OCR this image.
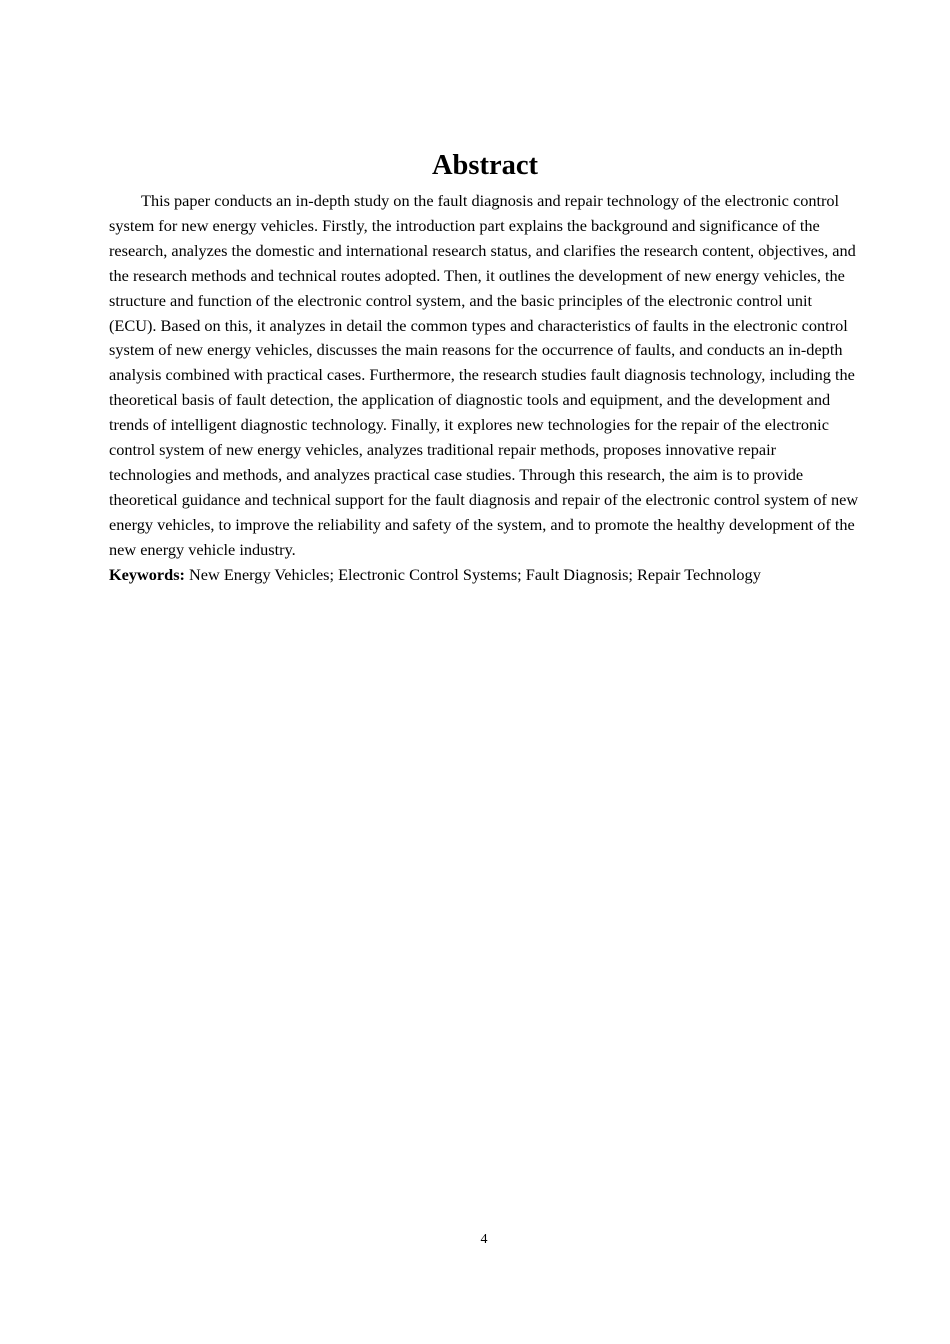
Abstract

This paper conducts an in-depth study on the fault diagnosis and repair technology of the electronic control system for new energy vehicles. Firstly, the introduction part explains the background and significance of the research, analyzes the domestic and international research status, and clarifies the research content, objectives, and the research methods and technical routes adopted. Then, it outlines the development of new energy vehicles, the structure and function of the electronic control system, and the basic principles of the electronic control unit (ECU). Based on this, it analyzes in detail the common types and characteristics of faults in the electronic control system of new energy vehicles, discusses the main reasons for the occurrence of faults, and conducts an in-depth analysis combined with practical cases. Furthermore, the research studies fault diagnosis technology, including the theoretical basis of fault detection, the application of diagnostic tools and equipment, and the development and trends of intelligent diagnostic technology. Finally, it explores new technologies for the repair of the electronic control system of new energy vehicles, analyzes traditional repair methods, proposes innovative repair technologies and methods, and analyzes practical case studies. Through this research, the aim is to provide theoretical guidance and technical support for the fault diagnosis and repair of the electronic control system of new energy vehicles, to improve the reliability and safety of the system, and to promote the healthy development of the new energy vehicle industry.

Keywords: New Energy Vehicles; Electronic Control Systems; Fault Diagnosis; Repair Technology

4
